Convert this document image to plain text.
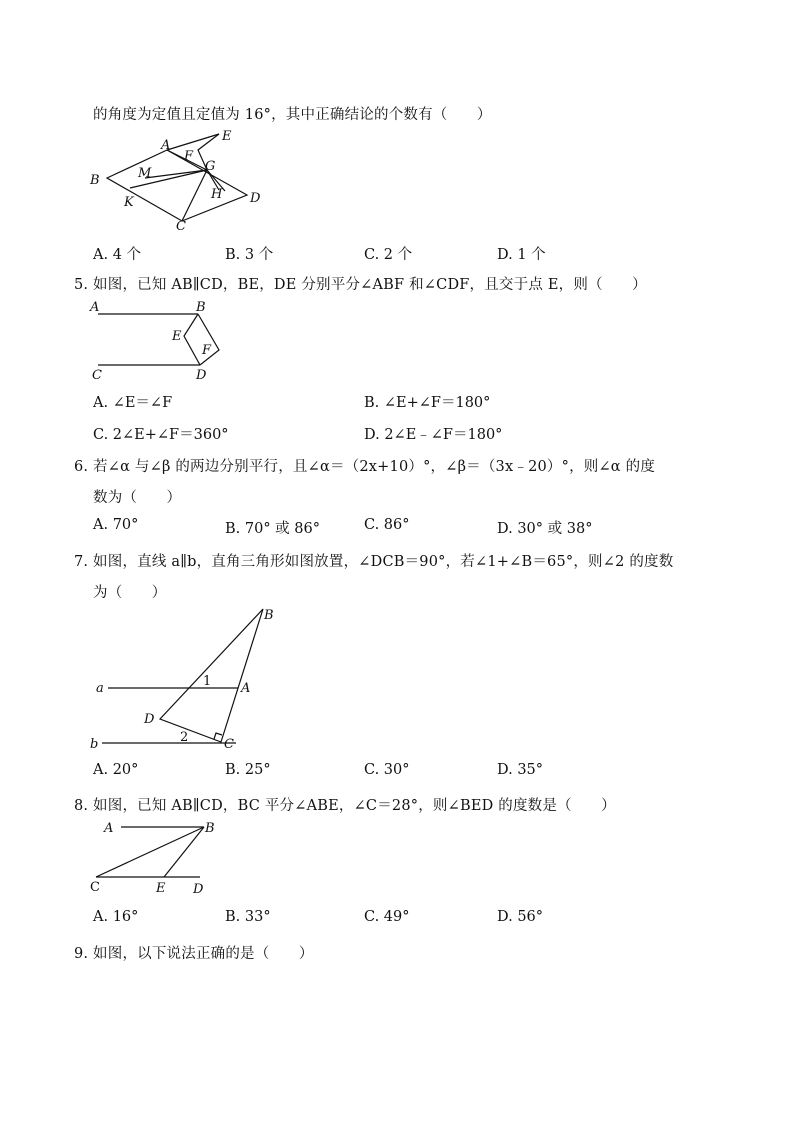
的角度为定值且定值为 16°，其中正确结论的个数有（　　）
A
B
C
D
E
F
G
H
K
M
A. 4 个	B. 3 个	C. 2 个	D. 1 个
5. 如图，已知 AB∥CD，BE，DE 分别平分∠ABF 和∠CDF，且交于点 E，则（　　）
A	B
C	D
E
F
A. ∠E＝∠F	B. ∠E+∠F＝180°
C. 2∠E+∠F＝360°	D. 2∠E﹣∠F＝180°
6. 若∠α 与∠β 的两边分别平行，且∠α＝（2x+10）°，∠β＝（3x﹣20）°，则∠α 的度
数为（　　）
A. 70°	B. 70° 或 86°	C. 86°	D. 30° 或 38°
7. 如图，直线 a∥b，直角三角形如图放置，∠DCB＝90°，若∠1+∠B＝65°，则∠2 的度数
为（　　）
a
b
B
A
D
C
1
2
A. 20°	B. 25°	C. 30°	D. 35°
8. 如图，已知 AB∥CD，BC 平分∠ABE，∠C＝28°，则∠BED 的度数是（　　）
A	B
C	E D
A. 16°	B. 33°	C. 49°	D. 56°
9. 如图，以下说法正确的是（　　）
